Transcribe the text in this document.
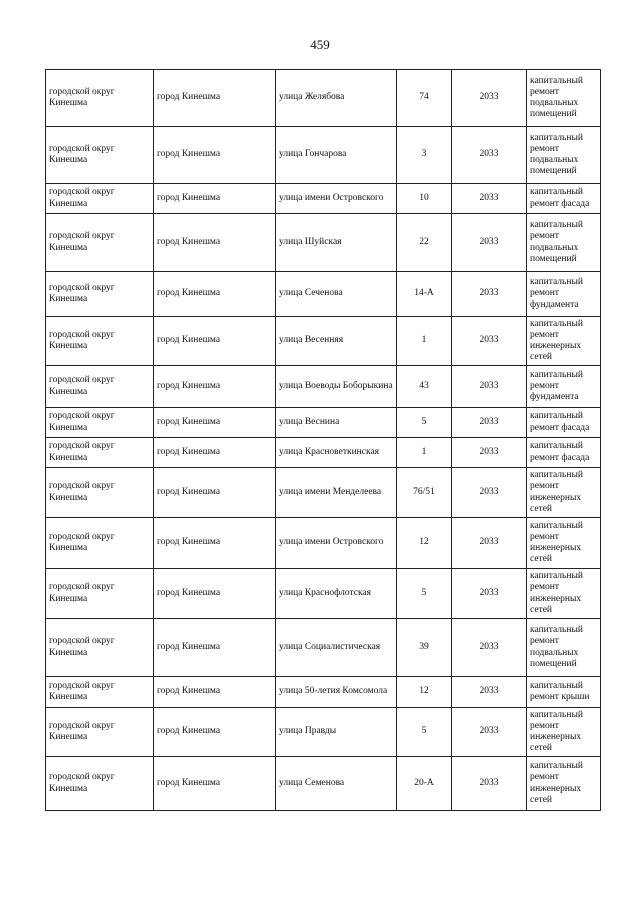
459
городской округ Кинешма	город Кинешма	улица Желябова	74	2033	капитальный ремонт подвальных помещений

городской округ Кинешма	город Кинешма	улица Гончарова	3	2033	капитальный ремонт подвальных помещений

городской округ Кинешма	город Кинешма	улица имени Островского	10	2033	капитальный ремонт фасада

городской округ Кинешма	город Кинешма	улица Шуйская	22	2033	капитальный ремонт подвальных помещений

городской округ Кинешма	город Кинешма	улица Сеченова	14-А	2033	капитальный ремонт фундамента

городской округ Кинешма	город Кинешма	улица Весенняя	1	2033	капитальный ремонт инженерных сетей

городской округ Кинешма	город Кинешма	улица Воеводы Боборыкина	43	2033	капитальный ремонт фундамента

городской округ Кинешма	город Кинешма	улица Веснина	5	2033	капитальный ремонт фасада

городской округ Кинешма	город Кинешма	улица Красноветкинская	1	2033	капитальный ремонт фасада

городской округ Кинешма	город Кинешма	улица имени Менделеева	76/51	2033	капитальный ремонт инженерных сетей

городской округ Кинешма	город Кинешма	улица имени Островского	12	2033	капитальный ремонт инженерных сетей

городской округ Кинешма	город Кинешма	улица Краснофлотская	5	2033	капитальный ремонт инженерных сетей

городской округ Кинешма	город Кинешма	улица Социалистическая	39	2033	капитальный ремонт подвальных помещений

городской округ Кинешма	город Кинешма	улица 50-летия Комсомола	12	2033	капитальный ремонт крыши

городской округ Кинешма	город Кинешма	улица Правды	5	2033	капитальный ремонт инженерных сетей

городской округ Кинешма	город Кинешма	улица Семенова	20-А	2033	капитальный ремонт инженерных сетей
